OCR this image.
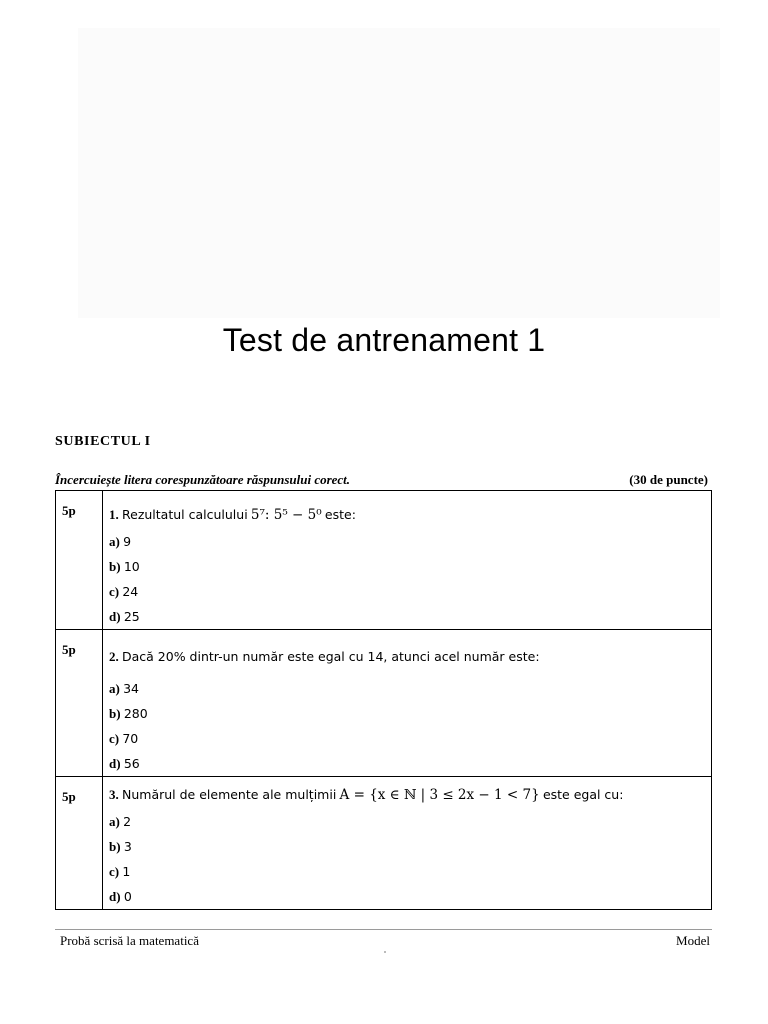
Test de antrenament 1
SUBIECTUL I
Încercuiește litera corespunzătoare răspunsului corect.	(30 de puncte)
5p	1. Rezultatul calculului 5⁷: 5⁵ − 5⁰ este:
a) 9
b) 10
c) 24
d) 25

5p	2. Dacă 20% dintr-un număr este egal cu 14, atunci acel număr este:
a) 34
b) 280
c) 70
d) 56

5p	3. Numărul de elemente ale mulțimii A = {x ∈ ℕ | 3 ≤ 2x − 1 < 7} este egal cu:
a) 2
b) 3
c) 1
d) 0
Probă scrisă la matematică	Model
